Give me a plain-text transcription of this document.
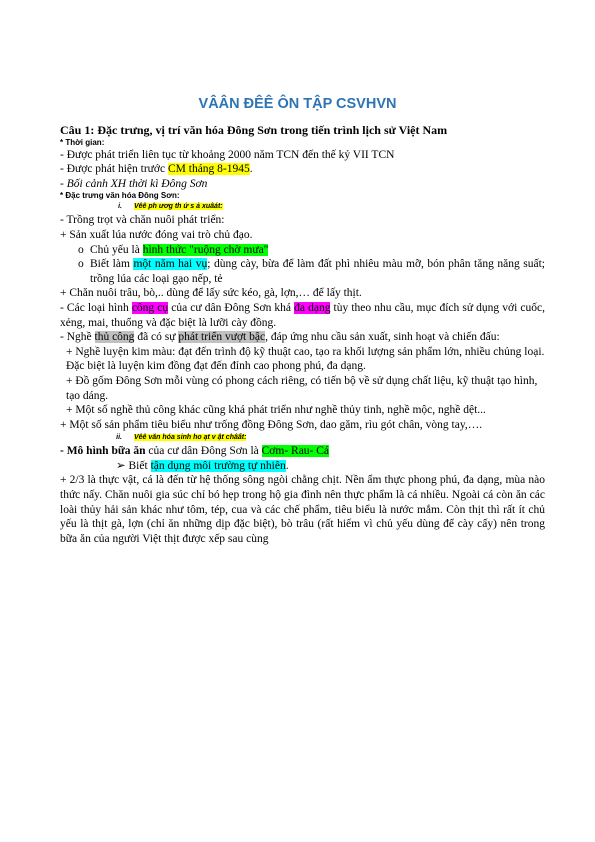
VÂÂN ĐÊÊ ÔN TẬP CSVHVN
Câu 1: Đặc trưng, vị trí văn hóa Đông Sơn trong tiến trình lịch sử Việt Nam
* Thời gian:
- Được phát triển liên tục từ khoảng 2000 năm TCN đến thế kỷ VII TCN
- Được phát hiện trước CM tháng 8-1945.
- Bối cảnh XH thời kì Đông Sơn
* Đặc trưng văn hóa Đông Sơn:
i. Vêê ph ươg th ứ s ả xuâát:
- Trồng trọt và chăn nuôi phát triển:
+ Sản xuất lúa nước đóng vai trò chủ đạo.
o Chủ yếu là hình thức "ruộng chờ mưa"
o Biết làm một năm hai vụ; dùng cày, bừa để làm đất phì nhiêu màu mỡ, bón phân tăng năng suất; trồng lúa các loại gạo nếp, tẻ
+ Chăn nuôi trâu, bò,.. dùng để lấy sức kéo, gà, lợn,… để lấy thịt.
- Các loại hình công cụ của cư dân Đông Sơn khá đa dạng tùy theo nhu cầu, mục đích sử dụng với cuốc, xẻng, mai, thuổng và đặc biệt là lưỡi cày đồng.
- Nghề thủ công đã có sự phát triển vượt bậc, đáp ứng nhu cầu sản xuất, sinh hoạt và chiến đấu:
+ Nghề luyện kim màu: đạt đến trình độ kỹ thuật cao, tạo ra khối lượng sản phẩm lớn, nhiều chủng loại. Đặc biệt là luyện kim đồng đạt đến đỉnh cao phong phú, đa dạng.
+ Đồ gốm Đông Sơn mỗi vùng có phong cách riêng, có tiến bộ về sử dụng chất liệu, kỹ thuật tạo hình, tạo dáng.
+ Một số nghề thủ công khác cũng khá phát triển như nghề thủy tinh, nghề mộc, nghề dệt...
+ Một số sản phẩm tiêu biểu như trống đồng Đông Sơn, dao găm, rìu gót chân, vòng tay,….
ii. Vêê văn hóa sinh ho ạt v ật châất:
- Mô hình bữa ăn của cư dân Đông Sơn là Cơm- Rau- Cá
➢ Biết tận dụng môi trường tự nhiên.
+ 2/3 là thực vật, cá là đến từ hệ thống sông ngòi chằng chịt. Nền ẩm thực phong phú, đa dạng, mùa nào thức nấy. Chăn nuôi gia súc chỉ bó hẹp trong hộ gia đình nên thực phẩm là cá nhiều. Ngoài cá còn ăn các loài thủy hải sản khác như tôm, tép, cua và các chế phẩm, tiêu biểu là nước mắm. Còn thịt thì rất ít chủ yếu là thịt gà, lợn (chỉ ăn những dịp đặc biệt), bò trâu (rất hiếm vì chủ yếu dùng để cày cấy) nên trong bữa ăn của người Việt thịt được xếp sau cùng
